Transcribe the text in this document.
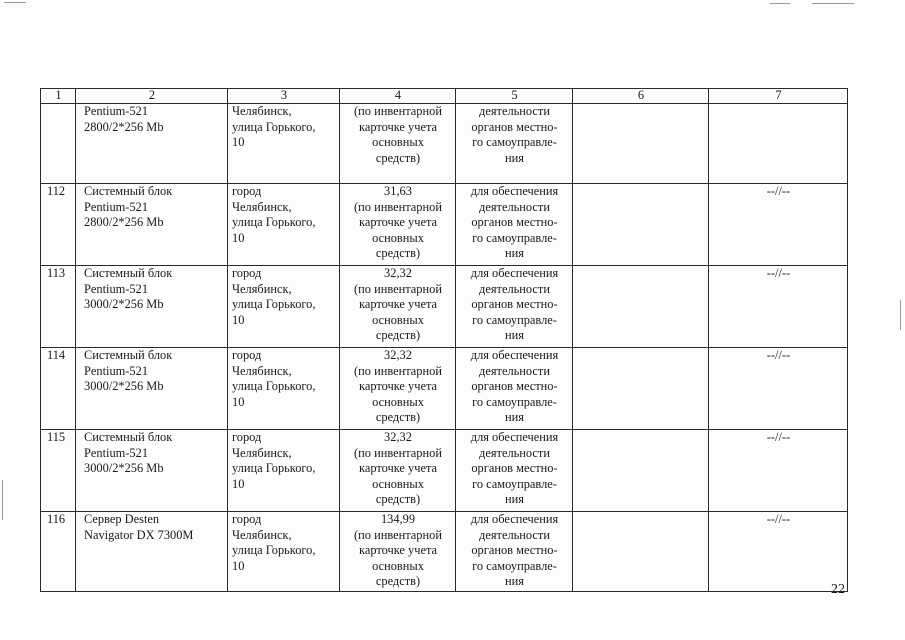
1	2	3	4	5	6	7

	Pentium-521
2800/2*256 Mb	Челябинск,
улица Горького,
10	(по инвентарной
карточке учета
основных
средств)	деятельности
органов местно-
го самоуправле-
ния		

112	Системный блок
Pentium-521
2800/2*256 Mb	город
Челябинск,
улица Горького,
10	31,63
(по инвентарной
карточке учета
основных
средств)	для обеспечения
деятельности
органов местно-
го самоуправле-
ния		--//--
113	Системный блок
Pentium-521
3000/2*256 Mb	город
Челябинск,
улица Горького,
10	32,32
(по инвентарной
карточке учета
основных
средств)	для обеспечения
деятельности
органов местно-
го самоуправле-
ния		--//--
114	Системный блок
Pentium-521
3000/2*256 Mb	город
Челябинск,
улица Горького,
10	32,32
(по инвентарной
карточке учета
основных
средств)	для обеспечения
деятельности
органов местно-
го самоуправле-
ния		--//--
115	Системный блок
Pentium-521
3000/2*256 Mb	город
Челябинск,
улица Горького,
10	32,32
(по инвентарной
карточке учета
основных
средств)	для обеспечения
деятельности
органов местно-
го самоуправле-
ния		--//--
116	Сервер Desten
Navigator DX 7300M	город
Челябинск,
улица Горького,
10	134,99
(по инвентарной
карточке учета
основных
средств)	для обеспечения
деятельности
органов местно-
го самоуправле-
ния		--//--
22
